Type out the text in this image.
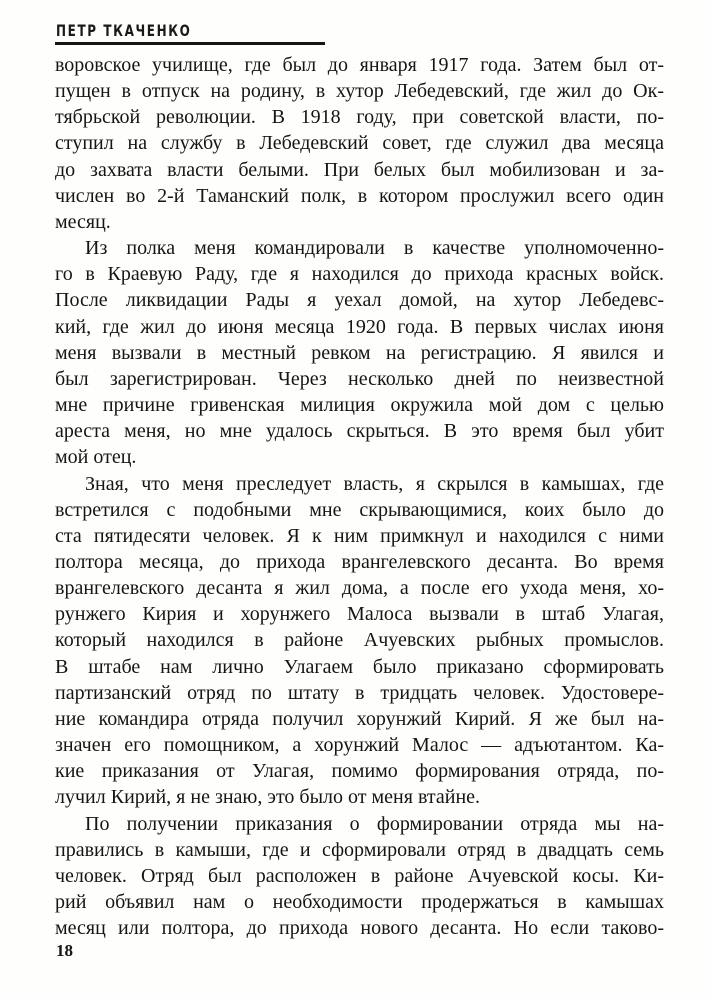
ПЕТР ТКАЧЕНКО
воровское училище, где был до января 1917 года. Затем был от-
пущен в отпуск на родину, в хутор Лебедевский, где жил до Ок-
тябрьской революции. В 1918 году, при советской власти, по-
ступил на службу в Лебедевский совет, где служил два месяца
до захвата власти белыми. При белых был мобилизован и за-
числен во 2-й Таманский полк, в котором прослужил всего один
месяц.
Из полка меня командировали в качестве уполномоченно-
го в Краевую Раду, где я находился до прихода красных войск.
После ликвидации Рады я уехал домой, на хутор Лебедевс-
кий, где жил до июня месяца 1920 года. В первых числах июня
меня вызвали в местный ревком на регистрацию. Я явился и
был зарегистрирован. Через несколько дней по неизвестной
мне причине гривенская милиция окружила мой дом с целью
ареста меня, но мне удалось скрыться. В это время был убит
мой отец.
Зная, что меня преследует власть, я скрылся в камышах, где
встретился с подобными мне скрывающимися, коих было до
ста пятидесяти человек. Я к ним примкнул и находился с ними
полтора месяца, до прихода врангелевского десанта. Во время
врангелевского десанта я жил дома, а после его ухода меня, хо-
рунжего Кирия и хорунжего Малоса вызвали в штаб Улагая,
который находился в районе Ачуевских рыбных промыслов.
В штабе нам лично Улагаем было приказано сформировать
партизанский отряд по штату в тридцать человек. Удостовере-
ние командира отряда получил хорунжий Кирий. Я же был на-
значен его помощником, а хорунжий Малос — адъютантом. Ка-
кие приказания от Улагая, помимо формирования отряда, по-
лучил Кирий, я не знаю, это было от меня втайне.
По получении приказания о формировании отряда мы на-
правились в камыши, где и сформировали отряд в двадцать семь
человек. Отряд был расположен в районе Ачуевской косы. Ки-
рий объявил нам о необходимости продержаться в камышах
месяц или полтора, до прихода нового десанта. Но если таково-
18
